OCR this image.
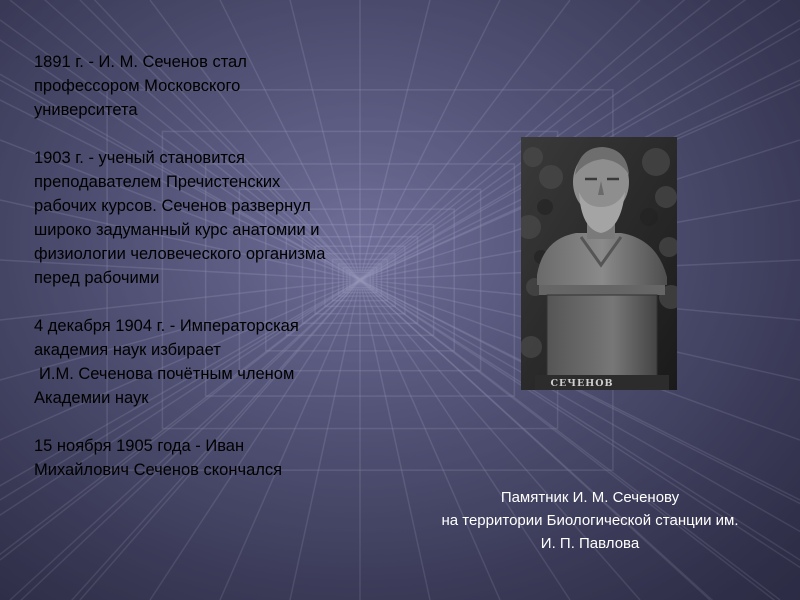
1891 г. - И. М. Сеченов стал
профессором Московского
университета
1903 г. - ученый становится
преподавателем Пречистенских
рабочих курсов. Сеченов развернул
широко задуманный курс анатомии и
физиологии человеческого организма
перед рабочими
4 декабря 1904 г. - Императорская
академия наук избирает
И.М. Сеченова почётным членом
Академии наук
15 ноября 1905 года - Иван
Михайлович Сеченов скончался
СЕЧЕНОВ
Памятник И. М. Сеченову
на территории Биологической станции им.
И. П. Павлова
